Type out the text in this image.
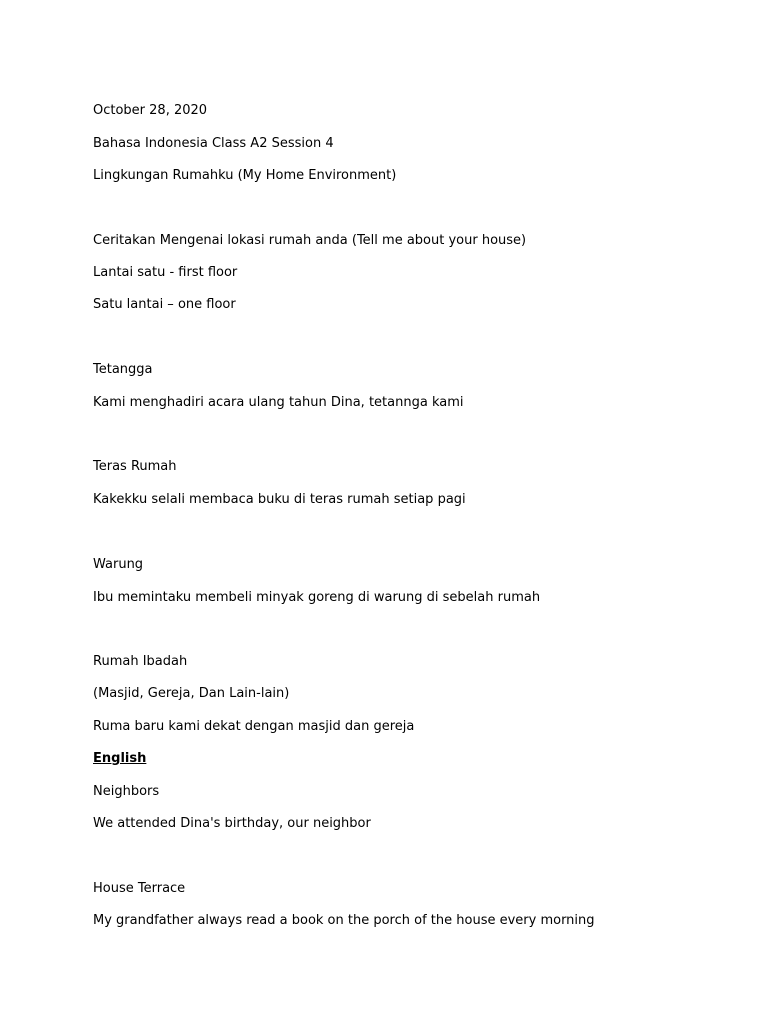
October 28, 2020
Bahasa Indonesia Class A2 Session 4
Lingkungan Rumahku (My Home Environment)
Ceritakan Mengenai lokasi rumah anda (Tell me about your house)
Lantai satu - first floor
Satu lantai – one floor
Tetangga
Kami menghadiri acara ulang tahun Dina, tetannga kami
Teras Rumah
Kakekku selali membaca buku di teras rumah setiap pagi
Warung
Ibu memintaku membeli minyak goreng di warung di sebelah rumah
Rumah Ibadah
(Masjid, Gereja, Dan Lain-lain)
Ruma baru kami dekat dengan masjid dan gereja
English
Neighbors
We attended Dina's birthday, our neighbor
House Terrace
My grandfather always read a book on the porch of the house every morning
